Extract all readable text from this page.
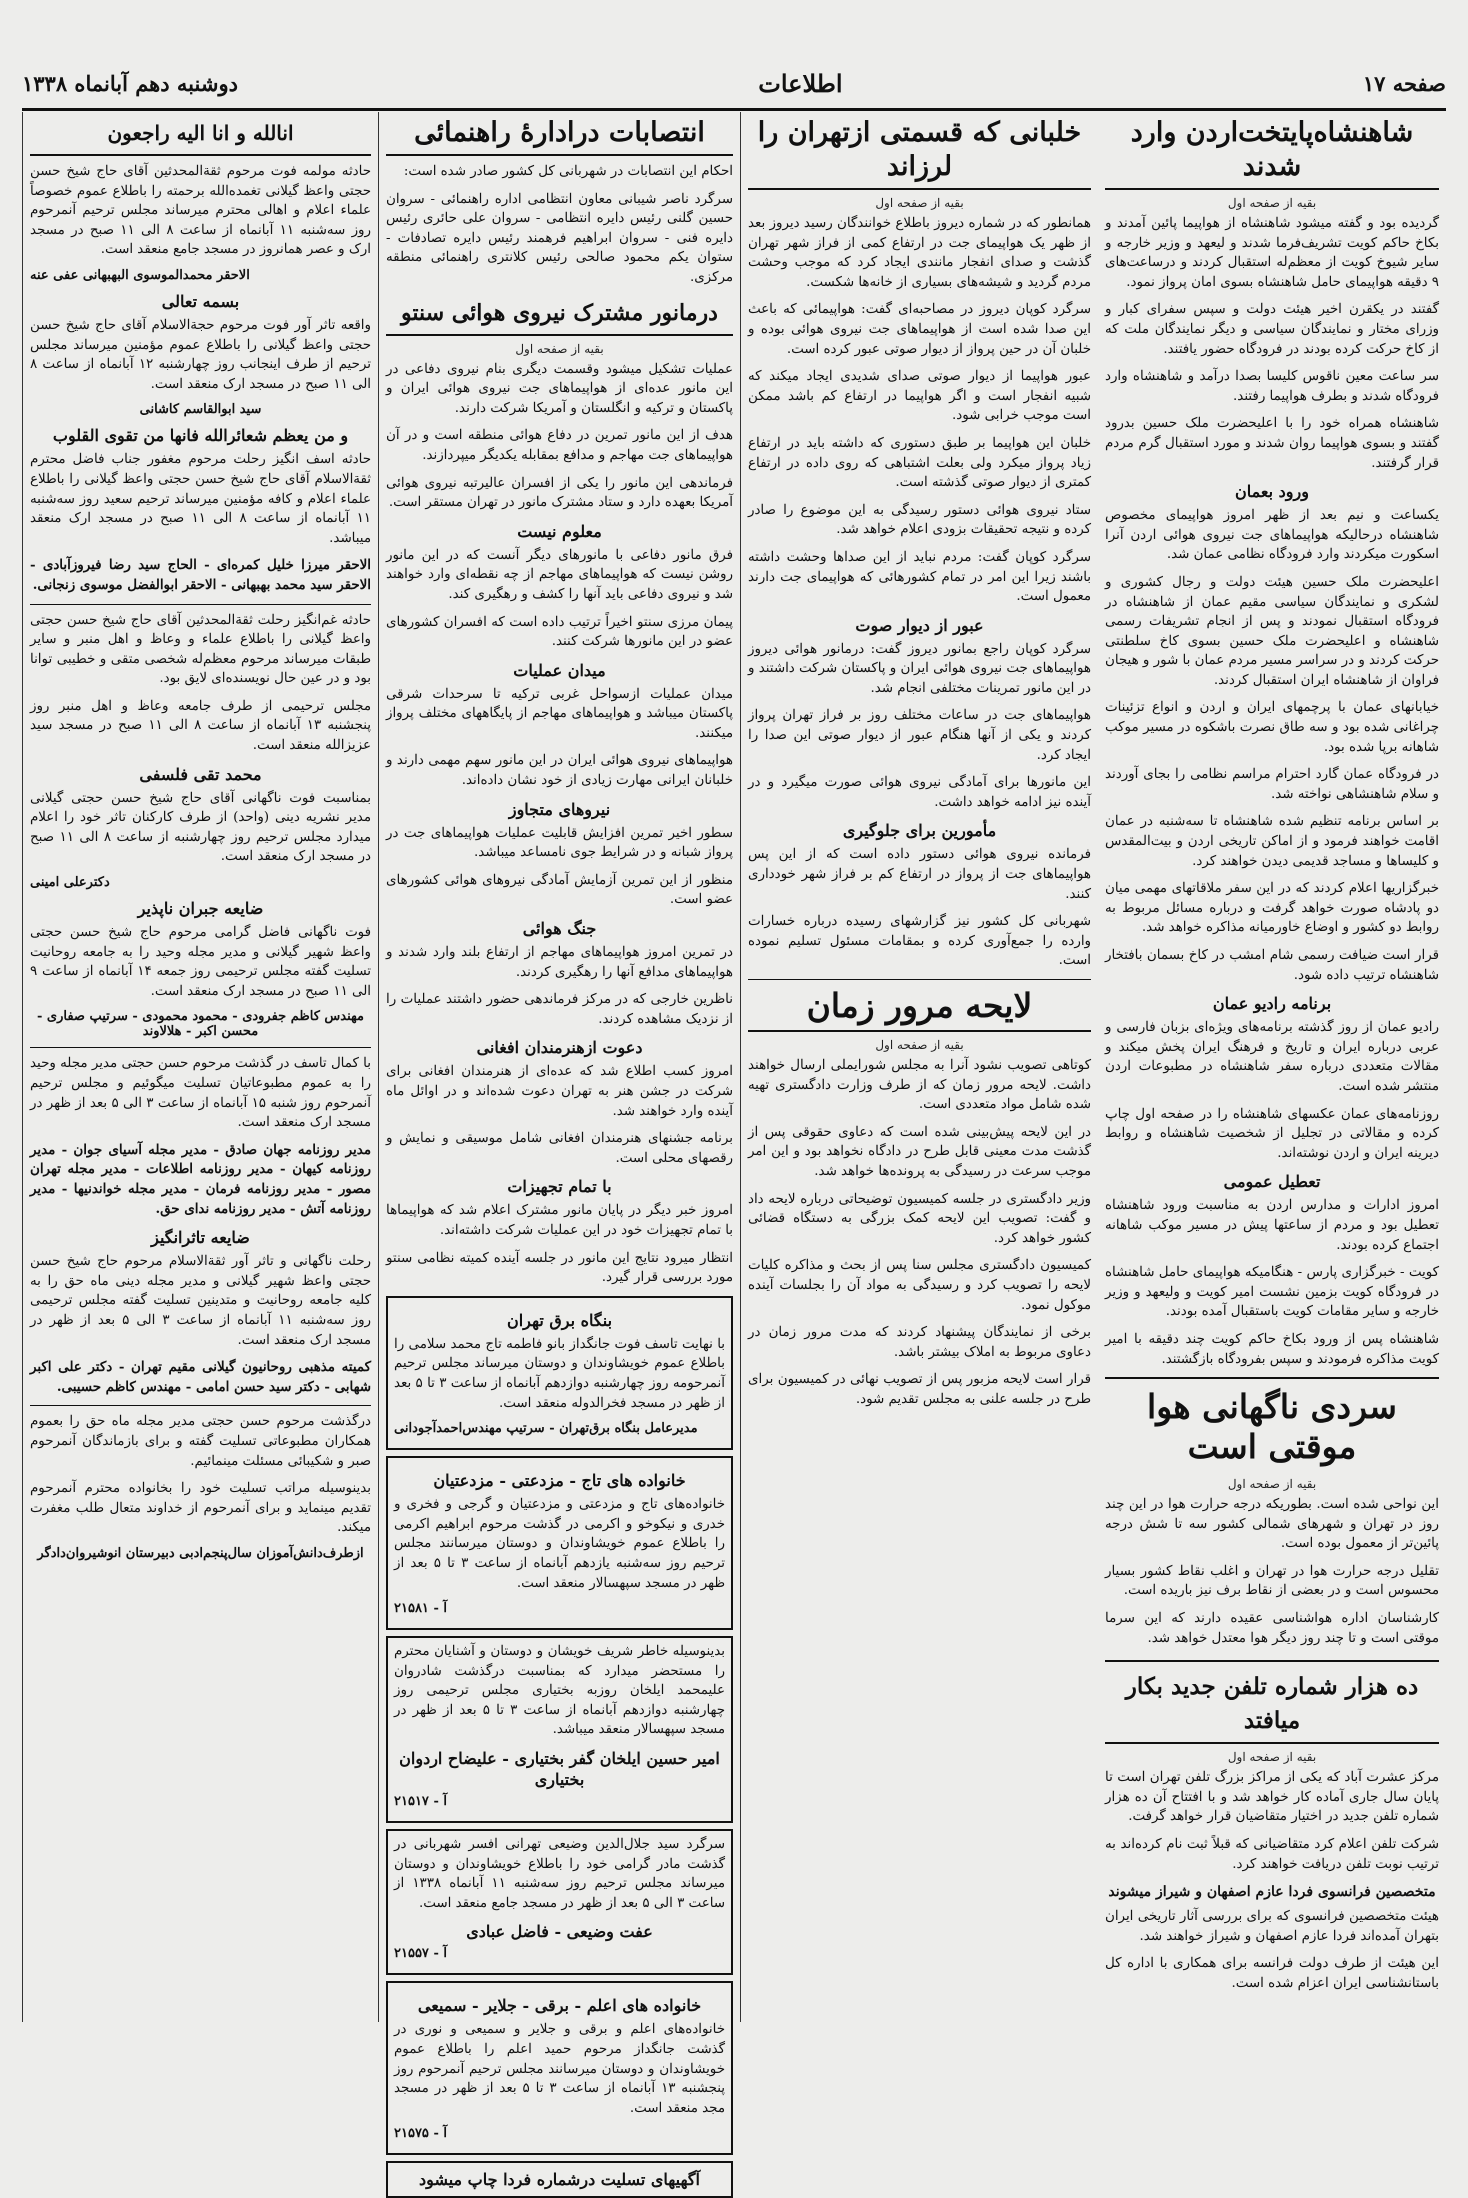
صفحه ۱۷
اطلاعات
دوشنبه دهم آبانماه ۱۳۳۸
شاهنشاه‌پایتخت‌اردن وارد شدند
بقیه از صفحه اول

گردیده بود و گفته میشود شاهنشاه از هواپیما پائین آمدند و بکاخ حاکم کویت تشریف‌فرما شدند و لیعهد و وزیر خارجه و سایر شیوخ کویت از معظم‌له استقبال کردند و درساعت‌های ۹ دقیقه هواپیمای حامل شاهنشاه بسوی امان پرواز نمود.

گفتند در یکقرن اخیر هیئت دولت و سپس سفرای کبار و وزرای مختار و نمایندگان سیاسی و دیگر نمایندگان ملت که از کاخ حرکت کرده بودند در فرودگاه حضور یافتند.

سر ساعت معین ناقوس کلیسا بصدا درآمد و شاهنشاه وارد فرودگاه شدند و بطرف هواپیما رفتند.

شاهنشاه همراه خود را با اعلیحضرت ملک حسین بدرود گفتند و بسوی هواپیما روان شدند و مورد استقبال گرم مردم قرار گرفتند.

ورود بعمان

یکساعت و نیم بعد از ظهر امروز هواپیمای مخصوص شاهنشاه درحالیکه هواپیماهای جت نیروی هوائی اردن آنرا اسکورت میکردند وارد فرودگاه نظامی عمان شد.

اعلیحضرت ملک حسین هیئت دولت و رجال کشوری و لشکری و نمایندگان سیاسی مقیم عمان از شاهنشاه در فرودگاه استقبال نمودند و پس از انجام تشریفات رسمی شاهنشاه و اعلیحضرت ملک حسین بسوی کاخ سلطنتی حرکت کردند و در سراسر مسیر مردم عمان با شور و هیجان فراوان از شاهنشاه ایران استقبال کردند.

خیابانهای عمان با پرچمهای ایران و اردن و انواع تزئینات چراغانی شده بود و سه طاق نصرت باشکوه در مسیر موکب شاهانه برپا شده بود.

در فرودگاه عمان گارد احترام مراسم نظامی را بجای آوردند و سلام شاهنشاهی نواخته شد.

بر اساس برنامه تنظیم شده شاهنشاه تا سه‌شنبه در عمان اقامت خواهند فرمود و از اماکن تاریخی اردن و بیت‌المقدس و کلیساها و مساجد قدیمی دیدن خواهند کرد.

خبرگزاریها اعلام کردند که در این سفر ملاقاتهای مهمی میان دو پادشاه صورت خواهد گرفت و درباره مسائل مربوط به روابط دو کشور و اوضاع خاورمیانه مذاکره خواهد شد.

قرار است ضیافت رسمی شام امشب در کاخ بسمان بافتخار شاهنشاه ترتیب داده شود.

برنامه رادیو عمان

رادیو عمان از روز گذشته برنامه‌های ویژه‌ای بزبان فارسی و عربی درباره ایران و تاریخ و فرهنگ ایران پخش میکند و مقالات متعددی درباره سفر شاهنشاه در مطبوعات اردن منتشر شده است.

روزنامه‌های عمان عکسهای شاهنشاه را در صفحه اول چاپ کرده و مقالاتی در تجلیل از شخصیت شاهنشاه و روابط دیرینه ایران و اردن نوشته‌اند.

تعطیل عمومی

امروز ادارات و مدارس اردن به مناسبت ورود شاهنشاه تعطیل بود و مردم از ساعتها پیش در مسیر موکب شاهانه اجتماع کرده بودند.

کویت - خبرگزاری پارس - هنگامیکه هواپیمای حامل شاهنشاه در فرودگاه کویت بزمین نشست امیر کویت و ولیعهد و وزیر خارجه و سایر مقامات کویت باستقبال آمده بودند.

شاهنشاه پس از ورود بکاخ حاکم کویت چند دقیقه با امیر کویت مذاکره فرمودند و سپس بفرودگاه بازگشتند.

سردی ناگهانی هوا موقتی است
بقیه از صفحه اول

این نواحی شده است. بطوریکه درجه حرارت هوا در این چند روز در تهران و شهرهای شمالی کشور سه تا شش درجه پائین‌تر از معمول بوده است.

تقلیل درجه حرارت هوا در تهران و اغلب نقاط کشور بسیار محسوس است و در بعضی از نقاط برف نیز باریده است.

کارشناسان اداره هواشناسی عقیده دارند که این سرما موقتی است و تا چند روز دیگر هوا معتدل خواهد شد.

ده هزار شماره تلفن جدید بکار میافتد
بقیه از صفحه اول

مرکز عشرت آباد که یکی از مراکز بزرگ تلفن تهران است تا پایان سال جاری آماده کار خواهد شد و با افتتاح آن ده هزار شماره تلفن جدید در اختیار متقاضیان قرار خواهد گرفت.

شرکت تلفن اعلام کرد متقاضیانی که قبلاً ثبت نام کرده‌اند به ترتیب نوبت تلفن دریافت خواهند کرد.

متخصصین فرانسوی فردا عازم اصفهان و شیراز میشوند

هیئت متخصصین فرانسوی که برای بررسی آثار تاریخی ایران بتهران آمده‌اند فردا عازم اصفهان و شیراز خواهند شد.

این هیئت از طرف دولت فرانسه برای همکاری با اداره کل باستانشناسی ایران اعزام شده است.

خلبانی که قسمتی ازتهران را لرزاند
بقیه از صفحه اول

همانطور که در شماره دیروز باطلاع خوانندگان رسید دیروز بعد از ظهر یک هواپیمای جت در ارتفاع کمی از فراز شهر تهران گذشت و صدای انفجار مانندی ایجاد کرد که موجب وحشت مردم گردید و شیشه‌های بسیاری از خانه‌ها شکست.

سرگرد کوپان دیروز در مصاحبه‌ای گفت: هواپیمائی که باعث این صدا شده است از هواپیماهای جت نیروی هوائی بوده و خلبان آن در حین پرواز از دیوار صوتی عبور کرده است.

عبور هواپیما از دیوار صوتی صدای شدیدی ایجاد میکند که شبیه انفجار است و اگر هواپیما در ارتفاع کم باشد ممکن است موجب خرابی شود.

خلبان این هواپیما بر طبق دستوری که داشته باید در ارتفاع زیاد پرواز میکرد ولی بعلت اشتباهی که روی داده در ارتفاع کمتری از دیوار صوتی گذشته است.

ستاد نیروی هوائی دستور رسیدگی به این موضوع را صادر کرده و نتیجه تحقیقات بزودی اعلام خواهد شد.

سرگرد کوپان گفت: مردم نباید از این صداها وحشت داشته باشند زیرا این امر در تمام کشورهائی که هواپیمای جت دارند معمول است.

عبور از دیوار صوت

سرگرد کوپان راجع بمانور دیروز گفت: درمانور هوائی دیروز هواپیماهای جت نیروی هوائی ایران و پاکستان شرکت داشتند و در این مانور تمرینات مختلفی انجام شد.

هواپیماهای جت در ساعات مختلف روز بر فراز تهران پرواز کردند و یکی از آنها هنگام عبور از دیوار صوتی این صدا را ایجاد کرد.

این مانورها برای آمادگی نیروی هوائی صورت میگیرد و در آینده نیز ادامه خواهد داشت.

مأمورین برای جلوگیری

فرمانده نیروی هوائی دستور داده است که از این پس هواپیماهای جت از پرواز در ارتفاع کم بر فراز شهر خودداری کنند.

شهربانی کل کشور نیز گزارشهای رسیده درباره خسارات وارده را جمع‌آوری کرده و بمقامات مسئول تسلیم نموده است.

لایحه مرور زمان
بقیه از صفحه اول

کوتاهی تصویب نشود آنرا به مجلس شورایملی ارسال خواهند داشت. لایحه مرور زمان که از طرف وزارت دادگستری تهیه شده شامل مواد متعددی است.

در این لایحه پیش‌بینی شده است که دعاوی حقوقی پس از گذشت مدت معینی قابل طرح در دادگاه نخواهد بود و این امر موجب سرعت در رسیدگی به پرونده‌ها خواهد شد.

وزیر دادگستری در جلسه کمیسیون توضیحاتی درباره لایحه داد و گفت: تصویب این لایحه کمک بزرگی به دستگاه قضائی کشور خواهد کرد.

کمیسیون دادگستری مجلس سنا پس از بحث و مذاکره کلیات لایحه را تصویب کرد و رسیدگی به مواد آن را بجلسات آینده موکول نمود.

برخی از نمایندگان پیشنهاد کردند که مدت مرور زمان در دعاوی مربوط به املاک بیشتر باشد.

قرار است لایحه مزبور پس از تصویب نهائی در کمیسیون برای طرح در جلسه علنی به مجلس تقدیم شود.

انتصابات درادارهٔ راهنمائی

احکام این انتصابات در شهربانی کل کشور صادر شده است:

سرگرد ناصر شیبانی معاون انتظامی اداره راهنمائی - سروان حسین گلنی رئیس دایره انتظامی - سروان علی حائری رئیس دایره فنی - سروان ابراهیم فرهمند رئیس دایره تصادفات - ستوان یکم محمود صالحی رئیس کلانتری راهنمائی منطقه مرکزی.

درمانور مشترک نیروی هوائی سنتو
بقیه از صفحه اول

عملیات تشکیل میشود وقسمت دیگری بنام نیروی دفاعی در این مانور عده‌ای از هواپیماهای جت نیروی هوائی ایران و پاکستان و ترکیه و انگلستان و آمریکا شرکت دارند.

هدف از این مانور تمرین در دفاع هوائی منطقه است و در آن هواپیماهای جت مهاجم و مدافع بمقابله یکدیگر میپردازند.

فرماندهی این مانور را یکی از افسران عالیرتبه نیروی هوائی آمریکا بعهده دارد و ستاد مشترک مانور در تهران مستقر است.

معلوم نیست

فرق مانور دفاعی با مانورهای دیگر آنست که در این مانور روشن نیست که هواپیماهای مهاجم از چه نقطه‌ای وارد خواهند شد و نیروی دفاعی باید آنها را کشف و رهگیری کند.

پیمان مرزی سنتو اخیراً ترتیب داده است که افسران کشورهای عضو در این مانورها شرکت کنند.

میدان عملیات

میدان عملیات ازسواحل غربی ترکیه تا سرحدات شرقی پاکستان میباشد و هواپیماهای مهاجم از پایگاههای مختلف پرواز میکنند.

هواپیماهای نیروی هوائی ایران در این مانور سهم مهمی دارند و خلبانان ایرانی مهارت زیادی از خود نشان داده‌اند.

نیروهای متجاوز

سطور اخیر تمرین افزایش قابلیت عملیات هواپیماهای جت در پرواز شبانه و در شرایط جوی نامساعد میباشد.

منظور از این تمرین آزمایش آمادگی نیروهای هوائی کشورهای عضو است.

جنگ هوائی

در تمرین امروز هواپیماهای مهاجم از ارتفاع بلند وارد شدند و هواپیماهای مدافع آنها را رهگیری کردند.

ناظرین خارجی که در مرکز فرماندهی حضور داشتند عملیات را از نزدیک مشاهده کردند.

دعوت از‌هنرمندان افغانی

امروز کسب اطلاع شد که عده‌ای از هنرمندان افغانی برای شرکت در جشن هنر به تهران دعوت شده‌اند و در اوائل ماه آینده وارد خواهند شد.

برنامه جشنهای هنرمندان افغانی شامل موسیقی و نمایش و رقصهای محلی است.

با تمام تجهیزات

امروز خبر دیگر در پایان مانور مشترک اعلام شد که هواپیماها با تمام تجهیزات خود در این عملیات شرکت داشته‌اند.

انتظار میرود نتایج این مانور در جلسه آینده کمیته نظامی سنتو مورد بررسی قرار گیرد.

بنگاه برق تهران

با نهایت تاسف فوت جانگداز بانو فاطمه تاج محمد سلامی را باطلاع عموم خویشاوندان و دوستان میرساند مجلس ترحیم آنمرحومه روز چهارشنبه دوازدهم آبانماه از ساعت ۳ تا ۵ بعد از ظهر در مسجد فخرالدوله منعقد است.

مدیرعامل بنگاه برق‌تهران - سرتیپ مهندس‌احمدآجودانی
خانواده های تاج - مزدعتی - مزدعتیان

خانواده‌های تاج و مزدعتی و مزدعتیان و گرجی و فخری و خدری و نیکوخو و اکرمی در گذشت مرحوم ابراهیم اکرمی را باطلاع عموم خویشاوندان و دوستان میرسانند مجلس ترحیم روز سه‌شنبه یازدهم آبانماه از ساعت ۳ تا ۵ بعد از ظهر در مسجد سپهسالار منعقد است.

آ - ۲۱۵۸۱

بدینوسیله خاطر شریف خویشان و دوستان و آشنایان محترم را مستحضر میدارد که بمناسبت درگذشت شادروان علیمحمد ایلخان روزبه بختیاری مجلس ترحیمی روز چهارشنبه دوازدهم آبانماه از ساعت ۳ تا ۵ بعد از ظهر در مسجد سپهسالار منعقد میباشد.

امیر حسین ایلخان گفر بختیاری - علیضاح اردوان بختیاری
آ - ۲۱۵۱۷

سرگرد سید جلال‌الدین وضیعی تهرانی افسر شهربانی در گذشت مادر گرامی خود را باطلاع خویشاوندان و دوستان میرساند مجلس ترحیم روز سه‌شنبه ۱۱ آبانماه ۱۳۳۸ از ساعت ۳ الی ۵ بعد از ظهر در مسجد جامع منعقد است.

عفت وضیعی - فاضل عبادی
آ - ۲۱۵۵۷
خانواده های اعلم - برقی - جلایر - سمیعی

خانواده‌های اعلم و برقی و جلایر و سمیعی و نوری در گذشت جانگداز مرحوم حمید اعلم را باطلاع عموم خویشاوندان و دوستان میرسانند مجلس ترحیم آنمرحوم روز پنجشنبه ۱۳ آبانماه از ساعت ۳ تا ۵ بعد از ظهر در مسجد مجد منعقد است.

آ - ۲۱۵۷۵
آگهیهای تسلیت درشماره فردا چاپ میشود
انالله و انا الیه راجعون

حادثه مولمه فوت مرحوم ثقةالمحدثین آقای حاج شیخ حسن حجتی واعظ گیلانی تغمده‌الله برحمته را باطلاع عموم خصوصاً علماء اعلام و اهالی محترم میرساند مجلس ترحیم آنمرحوم روز سه‌شنبه ۱۱ آبانماه از ساعت ۸ الی ۱۱ صبح در مسجد ارک و عصر همانروز در مسجد جامع منعقد است.

الاحقر محمدالموسوی البهبهانی عفی عنه
بسمه تعالی

واقعه تاثر آور فوت مرحوم حجةالاسلام آقای حاج شیخ حسن حجتی واعظ گیلانی را باطلاع عموم مؤمنین میرساند مجلس ترحیم از طرف اینجانب روز چهارشنبه ۱۲ آبانماه از ساعت ۸ الی ۱۱ صبح در مسجد ارک منعقد است.

سید ابوالقاسم کاشانی
و من یعظم شعائرالله فانها من تقوی القلوب

حادثه اسف انگیز رحلت مرحوم مغفور جناب فاضل محترم ثقةالاسلام آقای حاج شیخ حسن حجتی واعظ گیلانی را باطلاع علماء اعلام و کافه مؤمنین میرساند ترحیم سعید روز سه‌شنبه ۱۱ آبانماه از ساعت ۸ الی ۱۱ صبح در مسجد ارک منعقد میباشد.

الاحقر میرزا خلیل کمره‌ای - الحاج سید رضا فیروزآبادی - الاحقر سید محمد بهبهانی - الاحقر ابوالفضل موسوی زنجانی.

حادثه غم‌انگیز رحلت ثقةالمحدثین آقای حاج شیخ حسن حجتی واعظ گیلانی را باطلاع علماء و وعاظ و اهل منبر و سایر طبقات میرساند مرحوم معظم‌له شخصی متقی و خطیبی توانا بود و در عین حال نویسنده‌ای لایق بود.

مجلس ترحیمی از طرف جامعه وعاظ و اهل منبر روز پنجشنبه ۱۳ آبانماه از ساعت ۸ الی ۱۱ صبح در مسجد سید عزیزالله منعقد است.

محمد تقی فلسفی

بمناسبت فوت ناگهانی آقای حاج شیخ حسن حجتی گیلانی مدیر نشریه دینی (واحد) از طرف کارکنان تاثر خود را اعلام میدارد مجلس ترحیم روز چهارشنبه از ساعت ۸ الی ۱۱ صبح در مسجد ارک منعقد است.

دکترعلی امینی
ضایعه جبران ناپذیر

فوت ناگهانی فاضل گرامی مرحوم حاج شیخ حسن حجتی واعظ شهیر گیلانی و مدیر مجله وحید را به جامعه روحانیت تسلیت گفته مجلس ترحیمی روز جمعه ۱۴ آبانماه از ساعت ۹ الی ۱۱ صبح در مسجد ارک منعقد است.

مهندس کاظم جفرودی - محمود محمودی - سرتیپ صفاری - محسن اکبر - هلالاوند

با کمال تاسف در گذشت مرحوم حسن حجتی مدیر مجله وحید را به عموم مطبوعاتیان تسلیت میگوئیم و مجلس ترحیم آنمرحوم روز شنبه ۱۵ آبانماه از ساعت ۳ الی ۵ بعد از ظهر در مسجد ارک منعقد است.

مدیر روزنامه جهان صادق - مدیر مجله آسیای جوان - مدیر روزنامه کیهان - مدیر روزنامه اطلاعات - مدیر مجله تهران مصور - مدیر روزنامه فرمان - مدیر مجله خواندنیها - مدیر روزنامه آتش - مدیر روزنامه ندای حق.

ضایعه تاثرانگیز

رحلت ناگهانی و تاثر آور ثقةالاسلام مرحوم حاج شیخ حسن حجتی واعظ شهیر گیلانی و مدیر مجله دینی ماه حق را به کلیه جامعه روحانیت و متدینین تسلیت گفته مجلس ترحیمی روز سه‌شنبه ۱۱ آبانماه از ساعت ۳ الی ۵ بعد از ظهر در مسجد ارک منعقد است.

کمیته مذهبی روحانیون گیلانی مقیم تهران - دکتر علی اکبر شهابی - دکتر سید حسن امامی - مهندس کاظم حسیبی.

درگذشت مرحوم حسن حجتی مدیر مجله ماه حق را بعموم همکاران مطبوعاتی تسلیت گفته و برای بازماندگان آنمرحوم صبر و شکیبائی مسئلت مینمائیم.

بدینوسیله مراتب تسلیت خود را بخانواده محترم آنمرحوم تقدیم مینماید و برای آنمرحوم از خداوند متعال طلب مغفرت میکند.

ازطرف‌دانش‌آموزان سال‌پنجم‌ادبی دبیرستان انوشیروان‌دادگر
